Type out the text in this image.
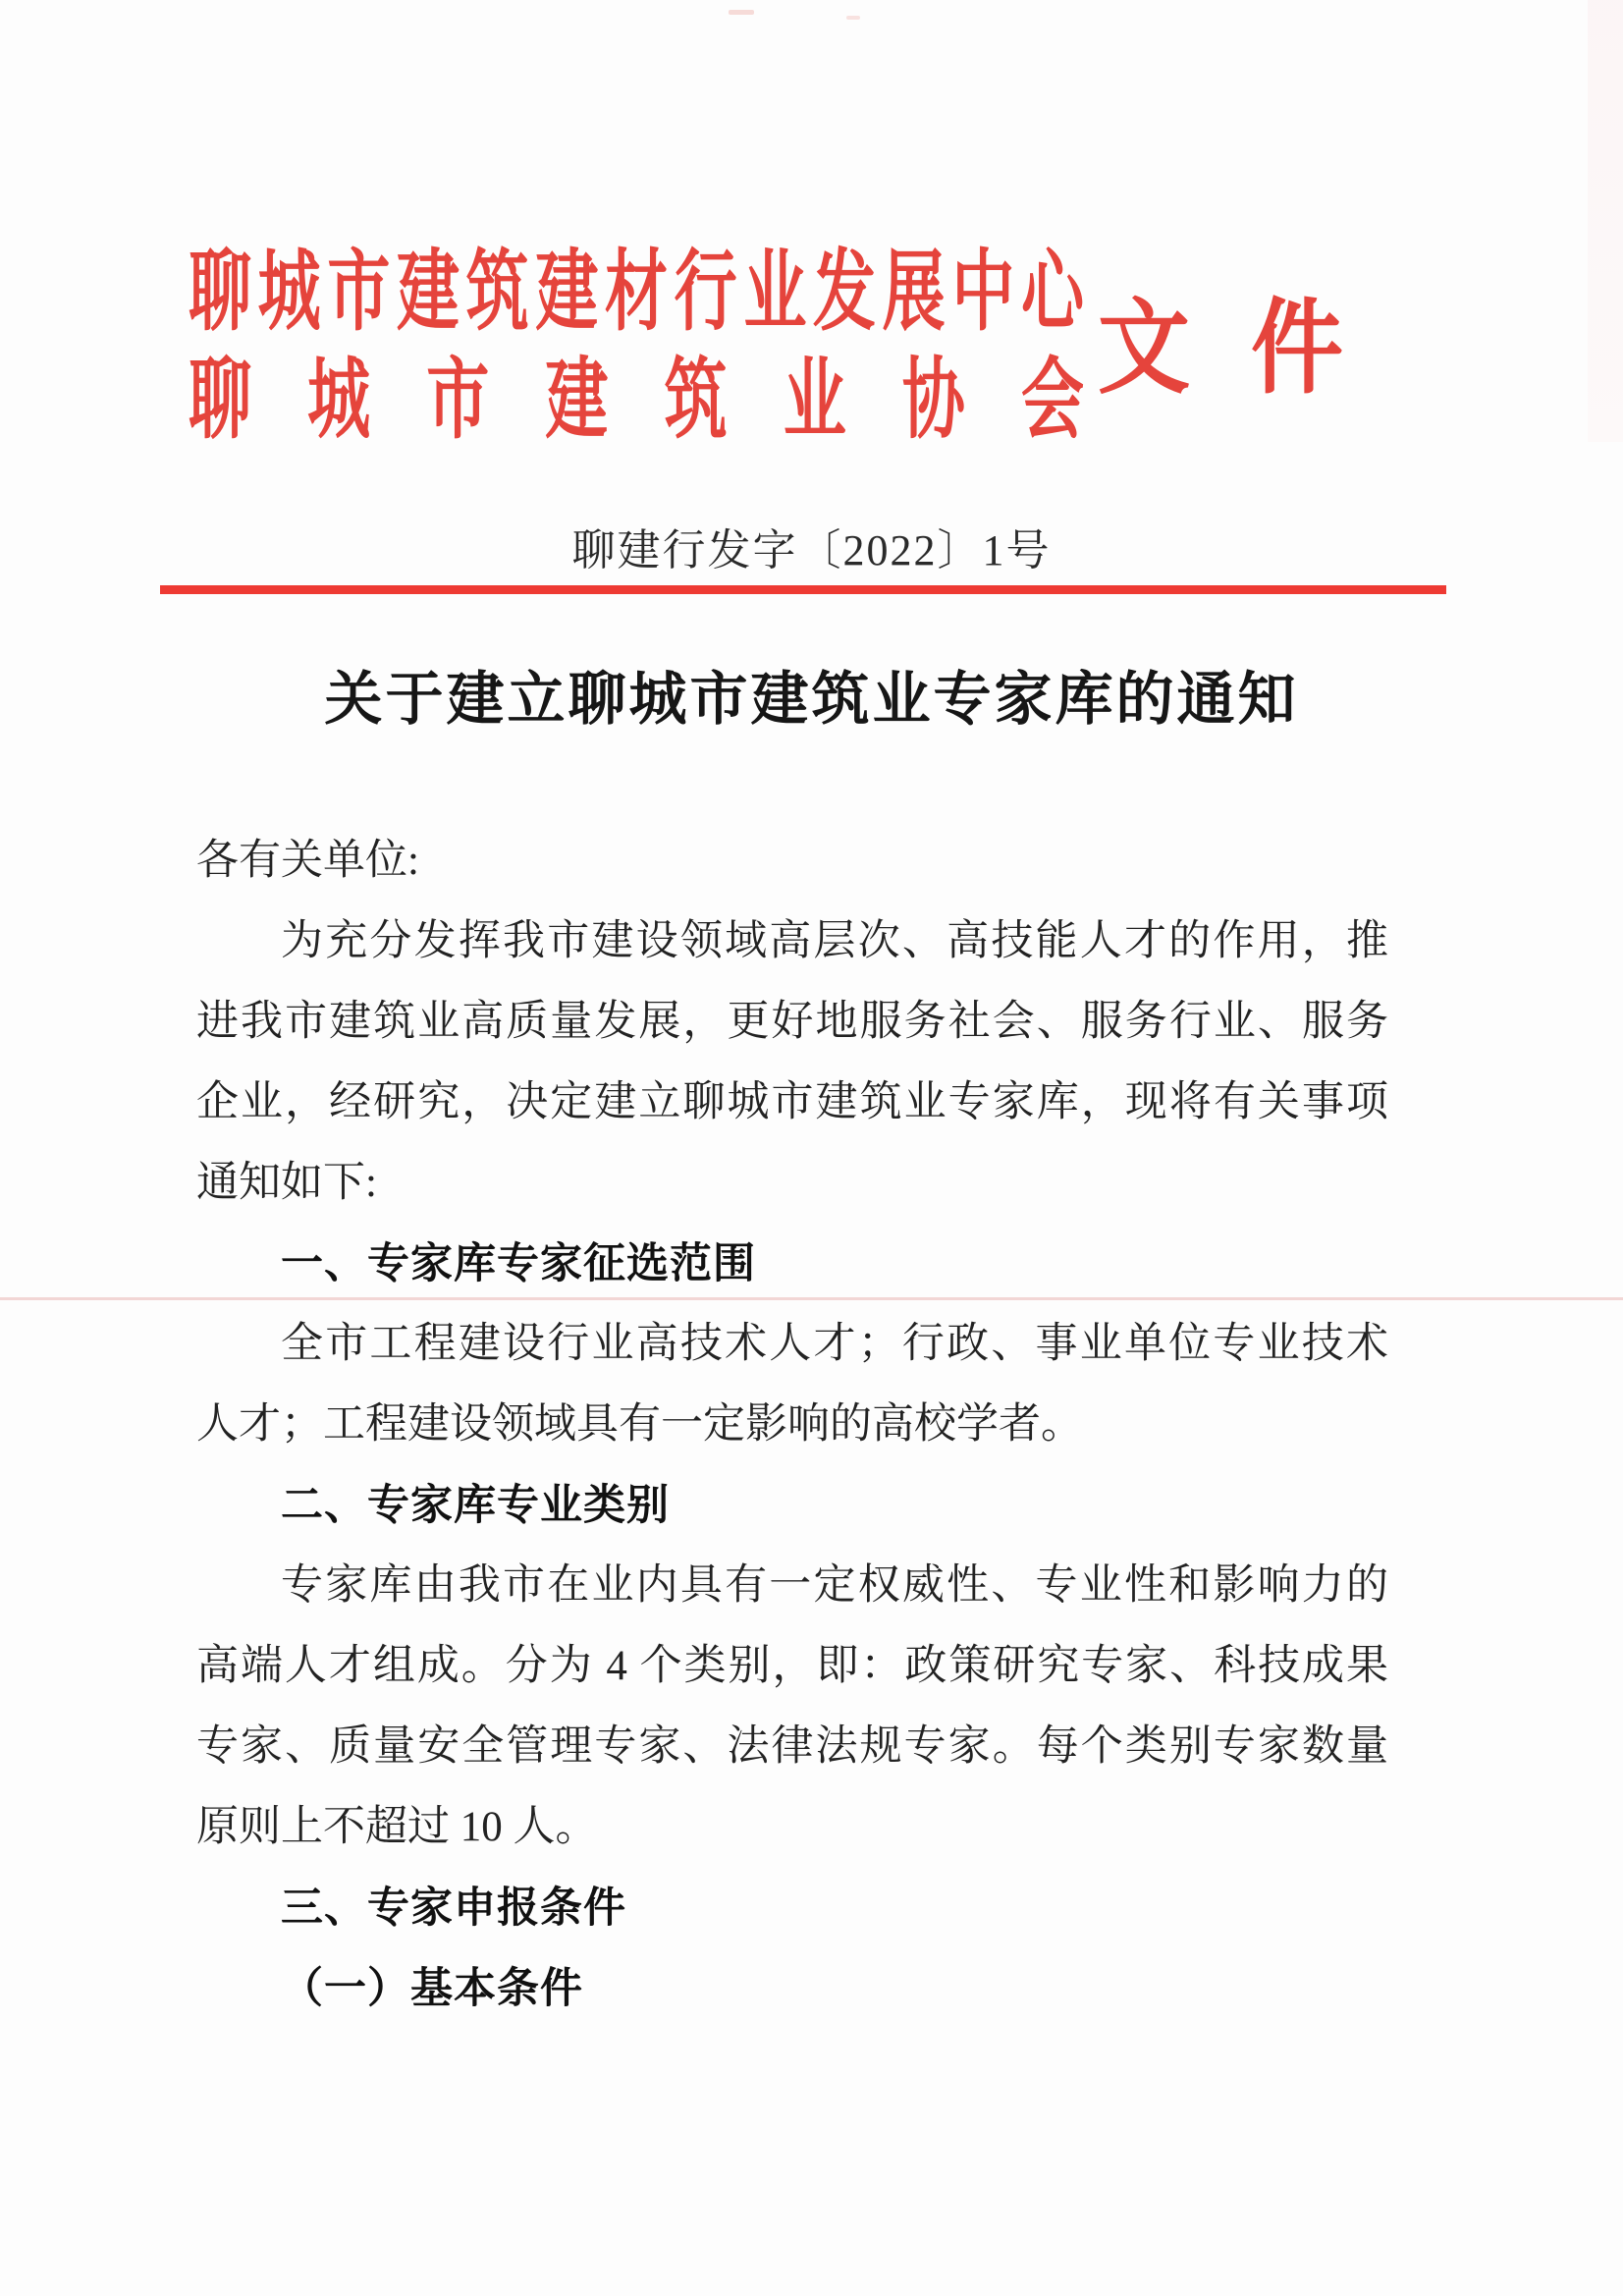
聊城市建筑建材行业发展中心
聊城市建筑业协会 文 件
聊建行发字〔2022〕1号
关于建立聊城市建筑业专家库的通知
各有关单位:
为充分发挥我市建设领域高层次、高技能人才的作用，推
进我市建筑业高质量发展，更好地服务社会、服务行业、服务
企业，经研究，决定建立聊城市建筑业专家库，现将有关事项
通知如下:
一、专家库专家征选范围
全市工程建设行业高技术人才；行政、事业单位专业技术
人才；工程建设领域具有一定影响的高校学者。
二、专家库专业类别
专家库由我市在业内具有一定权威性、专业性和影响力的
高端人才组成。分为 4 个类别，即：政策研究专家、科技成果
专家、质量安全管理专家、法律法规专家。每个类别专家数量
原则上不超过 10 人。
三、专家申报条件
（一）基本条件
